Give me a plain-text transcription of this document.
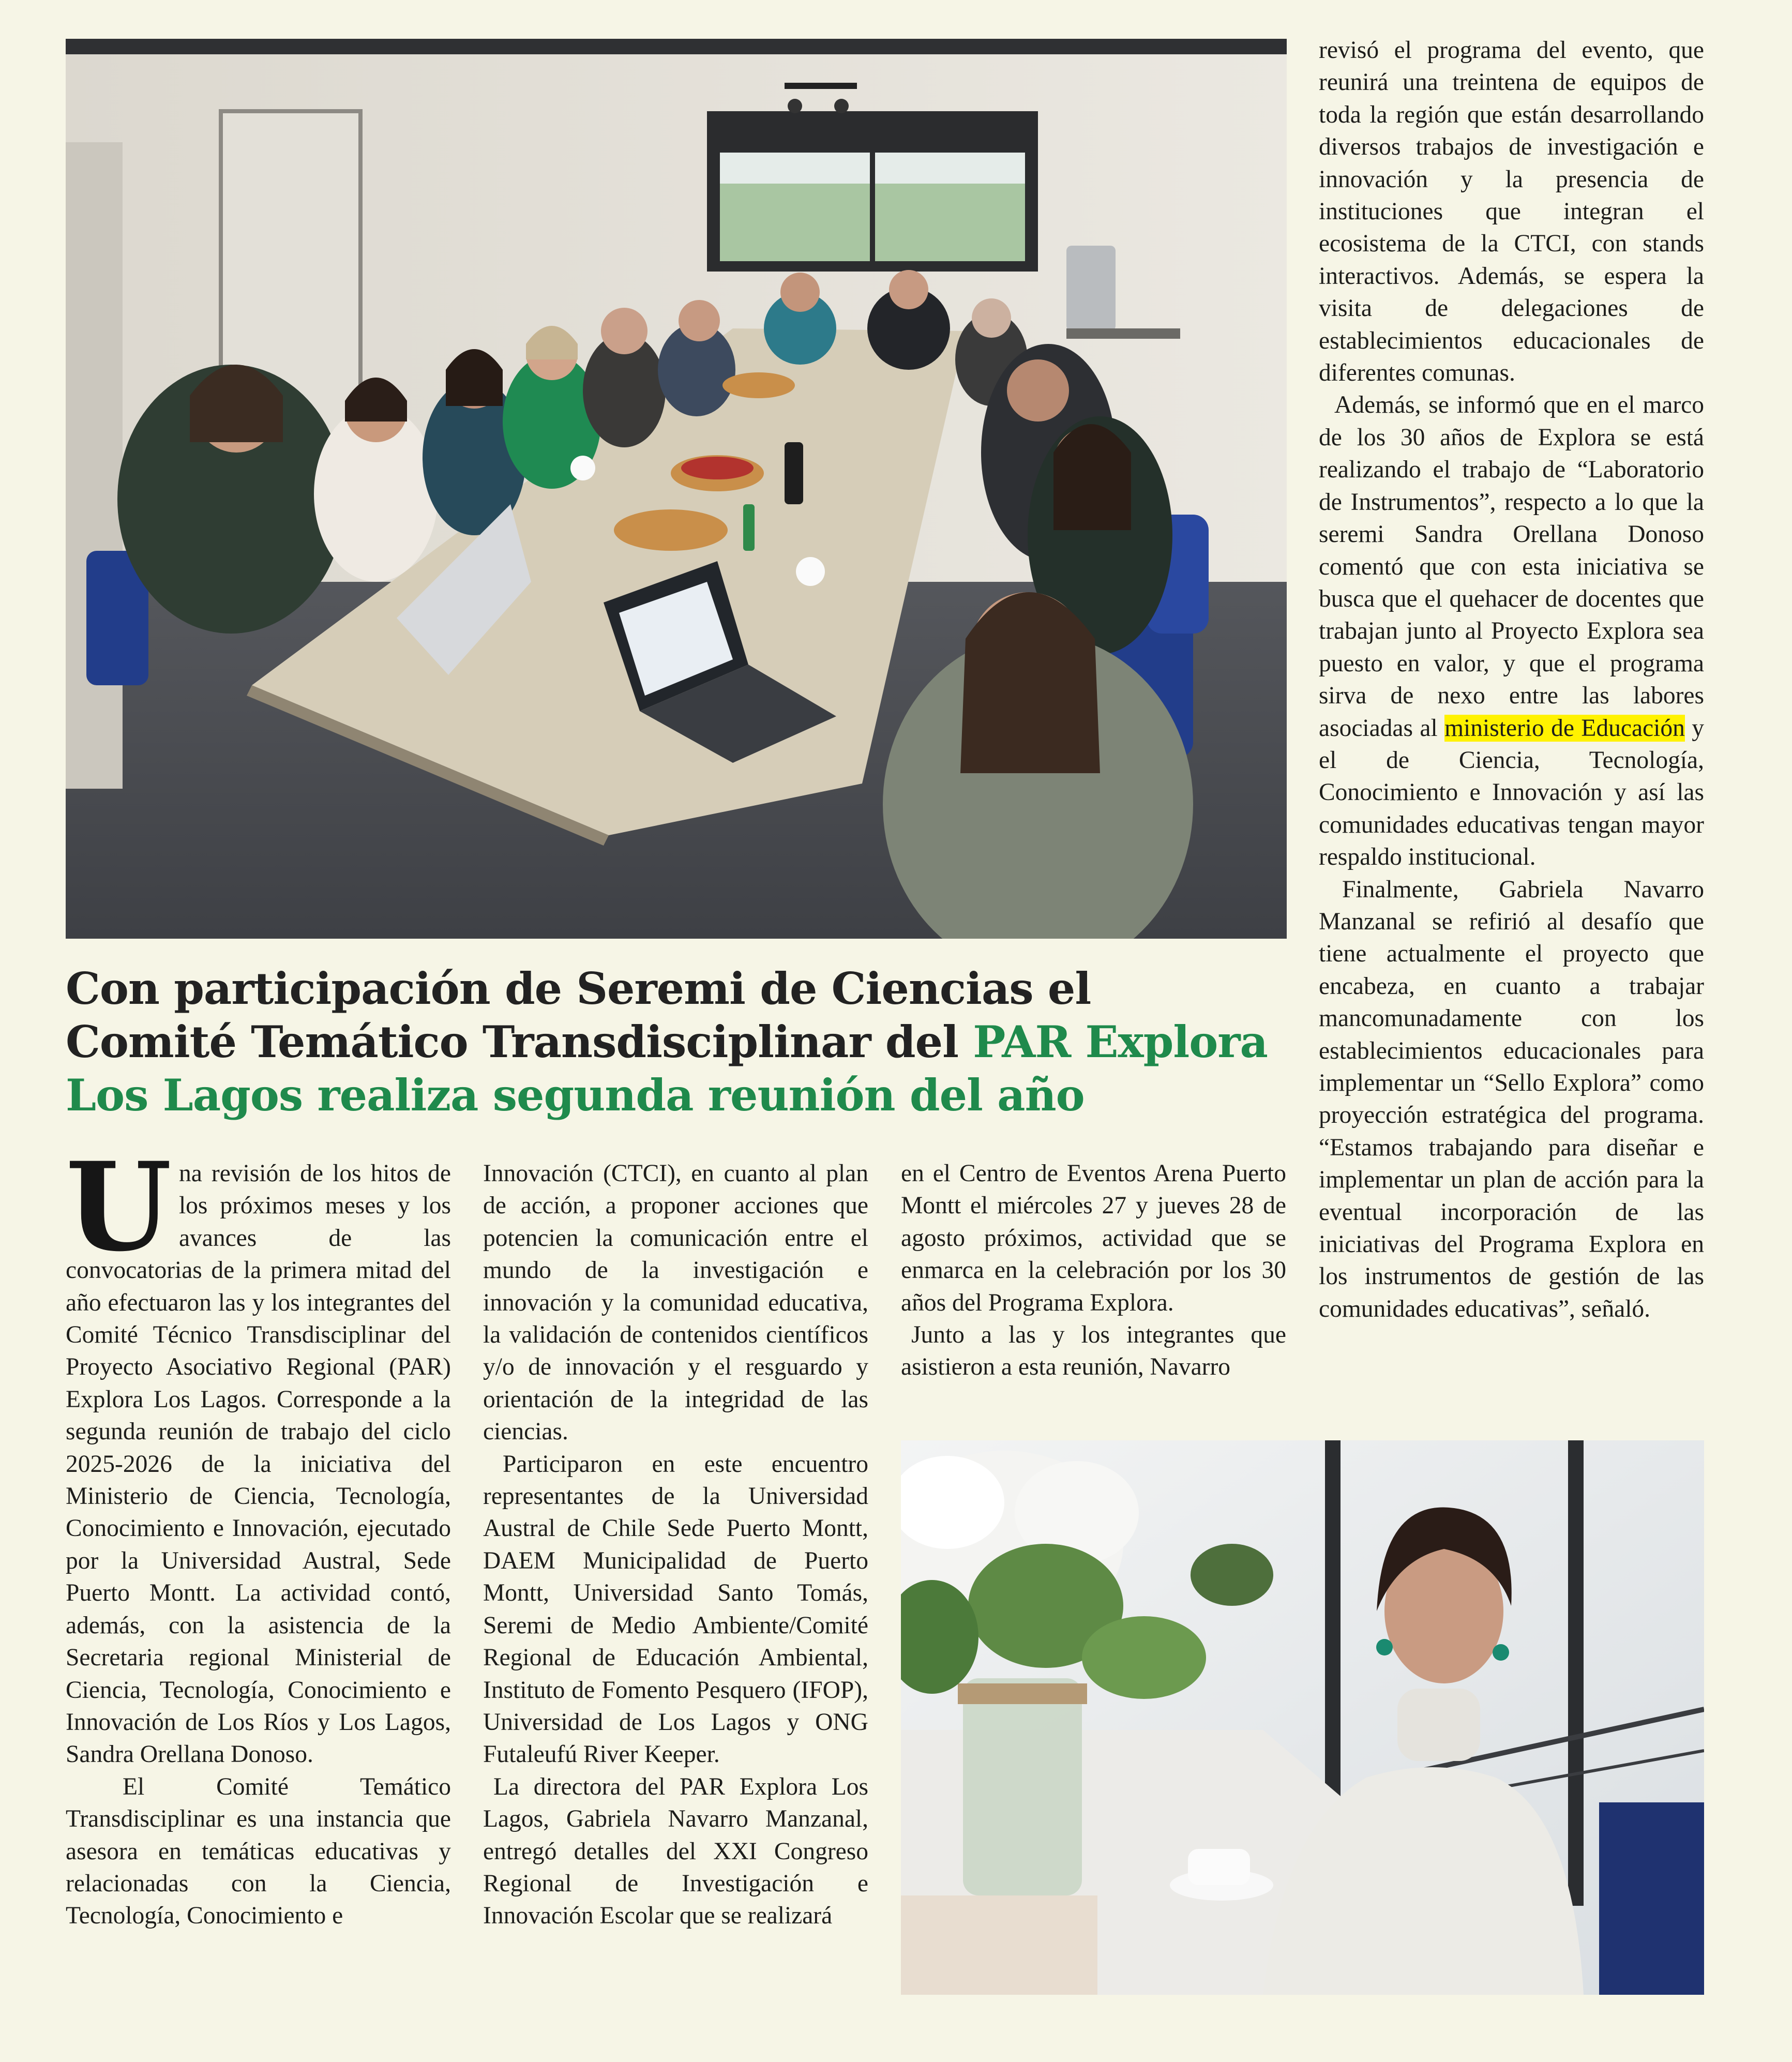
Con participación de Seremi de Ciencias el
Comité Temático Transdisciplinar del PAR Explora
Los Lagos realiza segunda reunión del año

Una revisión de los hitos de los próximos meses y los avances de las convocatorias de la primera mitad del año efectuaron las y los integrantes del Comité Técnico Transdisciplinar del Proyecto Asociativo Regional (PAR) Explora Los Lagos. Corresponde a la segunda reunión de trabajo del ciclo 2025-2026 de la iniciativa del Ministerio de Ciencia, Tecnología, Conocimiento e Innovación, ejecutado por la Universidad Austral, Sede Puerto Montt. La actividad contó, además, con la asistencia de la Secretaria regional Ministerial de Ciencia, Tecnología, Conocimiento e Innovación de Los Ríos y Los Lagos, Sandra Orellana Donoso.

El Comité Temático Transdisciplinar es una instancia que asesora en temáticas educativas y relacionadas con la Ciencia, Tecnología, Conocimiento e

Innovación (CTCI), en cuanto al plan de acción, a proponer acciones que potencien la comunicación entre el mundo de la investigación e innovación y la comunidad educativa, la validación de contenidos científicos y/o de innovación y el resguardo y orientación de la integridad de las ciencias.

Participaron en este encuentro representantes de la Universidad Austral de Chile Sede Puerto Montt, DAEM Municipalidad de Puerto Montt, Universidad Santo Tomás, Seremi de Medio Ambiente/Comité Regional de Educación Ambiental, Instituto de Fomento Pesquero (IFOP), Universidad de Los Lagos y ONG Futaleufú River Keeper.

La directora del PAR Explora Los Lagos, Gabriela Navarro Manzanal, entregó detalles del XXI Congreso Regional de Investigación e Innovación Escolar que se realizará

en el Centro de Eventos Arena Puerto Montt el miércoles 27 y jueves 28 de agosto próximos, actividad que se enmarca en la celebración por los 30 años del Programa Explora.

Junto a las y los integrantes que asistieron a esta reunión, Navarro

revisó el programa del evento, que reunirá una treintena de equipos de toda la región que están desarrollando diversos trabajos de investigación e innovación y la presencia de instituciones que integran el ecosistema de la CTCI, con stands interactivos. Además, se espera la visita de delegaciones de establecimientos educacionales de diferentes comunas.

Además, se informó que en el marco de los 30 años de Explora se está realizando el trabajo de “Laboratorio de Instrumentos”, respecto a lo que la seremi Sandra Orellana Donoso comentó que con esta iniciativa se busca que el quehacer de docentes que trabajan junto al Proyecto Explora sea puesto en valor, y que el programa sirva de nexo entre las labores asociadas al ministerio de Educación y el de Ciencia, Tecnología, Conocimiento e Innovación y así las comunidades educativas tengan mayor respaldo institucional.

Finalmente, Gabriela Navarro Manzanal se refirió al desafío que tiene actualmente el proyecto que encabeza, en cuanto a trabajar mancomunadamente con los establecimientos educacionales para implementar un “Sello Explora” como proyección estratégica del programa. “Estamos trabajando para diseñar e implementar un plan de acción para la eventual incorporación de las iniciativas del Programa Explora en los instrumentos de gestión de las comunidades educativas”, señaló.
